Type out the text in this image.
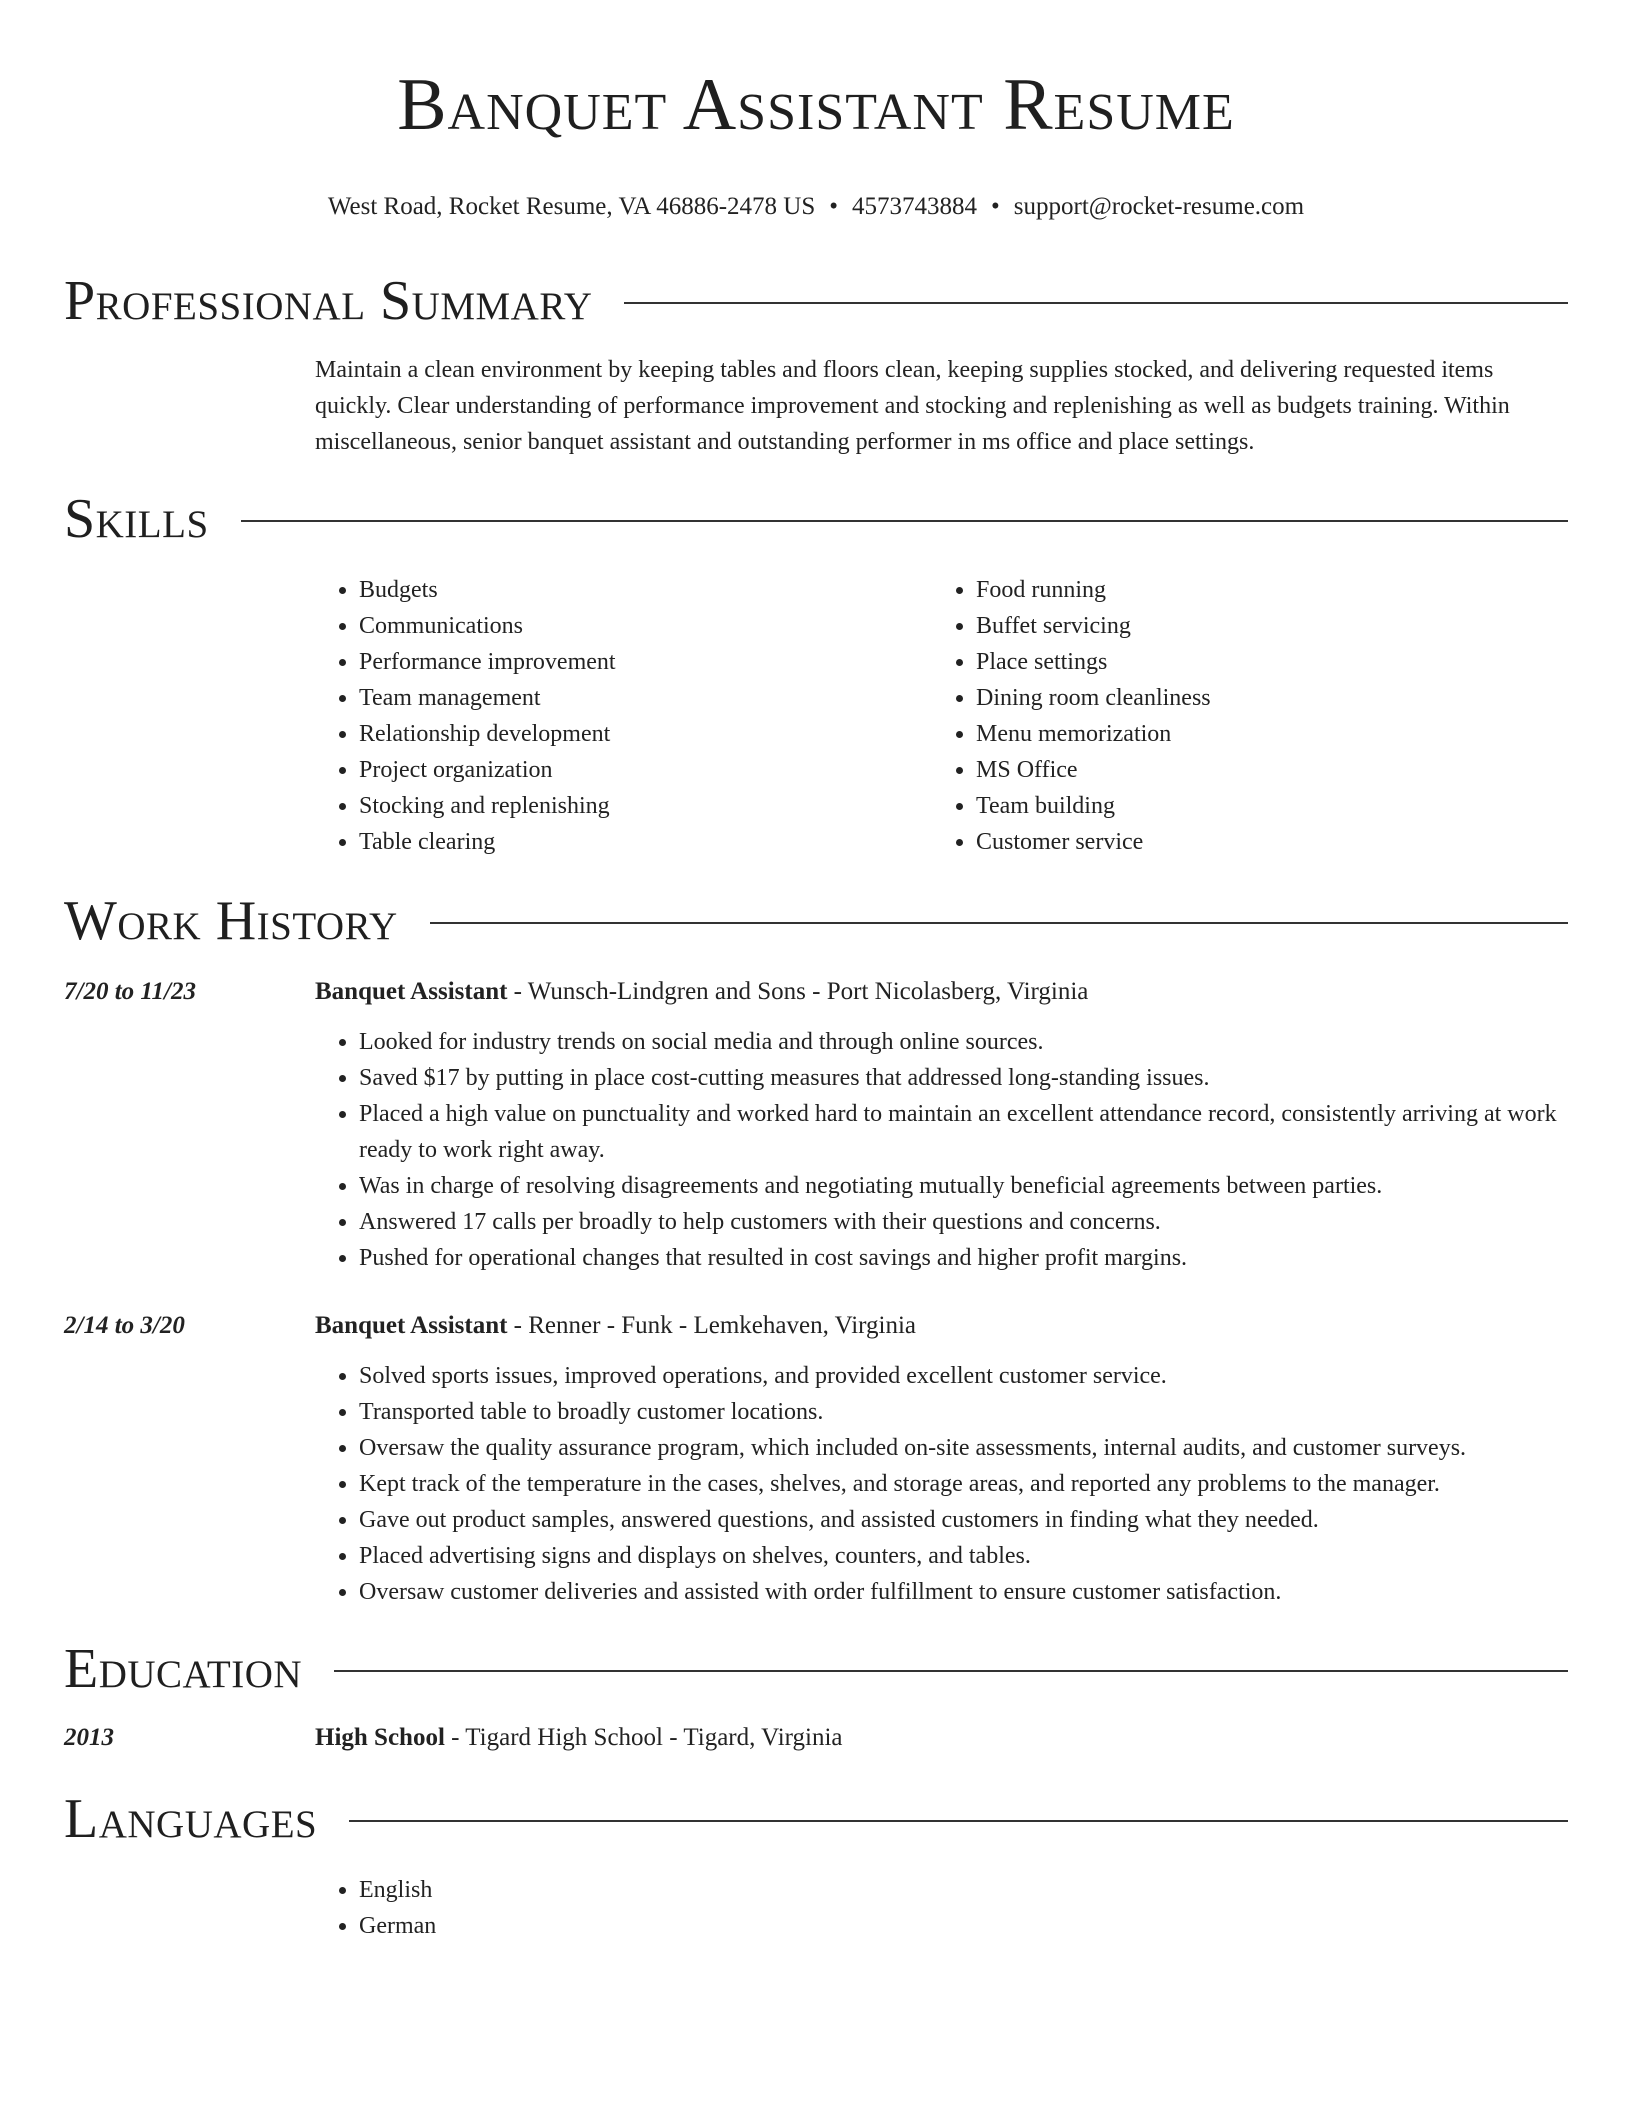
Banquet Assistant Resume
West Road, Rocket Resume, VA 46886-2478 US • 4573743884 • support@rocket-resume.com
Professional Summary
Maintain a clean environment by keeping tables and floors clean, keeping supplies stocked, and delivering requested items quickly. Clear understanding of performance improvement and stocking and replenishing as well as budgets training. Within miscellaneous, senior banquet assistant and outstanding performer in ms office and place settings.
Skills
• Budgets
• Communications
• Performance improvement
• Team management
• Relationship development
• Project organization
• Stocking and replenishing
• Table clearing
• Food running
• Buffet servicing
• Place settings
• Dining room cleanliness
• Menu memorization
• MS Office
• Team building
• Customer service
Work History
7/20 to 11/23	Banquet Assistant - Wunsch-Lindgren and Sons - Port Nicolasberg, Virginia
• Looked for industry trends on social media and through online sources.
• Saved $17 by putting in place cost-cutting measures that addressed long-standing issues.
• Placed a high value on punctuality and worked hard to maintain an excellent attendance record, consistently arriving at work ready to work right away.
• Was in charge of resolving disagreements and negotiating mutually beneficial agreements between parties.
• Answered 17 calls per broadly to help customers with their questions and concerns.
• Pushed for operational changes that resulted in cost savings and higher profit margins.
2/14 to 3/20	Banquet Assistant - Renner - Funk - Lemkehaven, Virginia
• Solved sports issues, improved operations, and provided excellent customer service.
• Transported table to broadly customer locations.
• Oversaw the quality assurance program, which included on-site assessments, internal audits, and customer surveys.
• Kept track of the temperature in the cases, shelves, and storage areas, and reported any problems to the manager.
• Gave out product samples, answered questions, and assisted customers in finding what they needed.
• Placed advertising signs and displays on shelves, counters, and tables.
• Oversaw customer deliveries and assisted with order fulfillment to ensure customer satisfaction.
Education
2013	High School - Tigard High School - Tigard, Virginia
Languages
• English
• German
